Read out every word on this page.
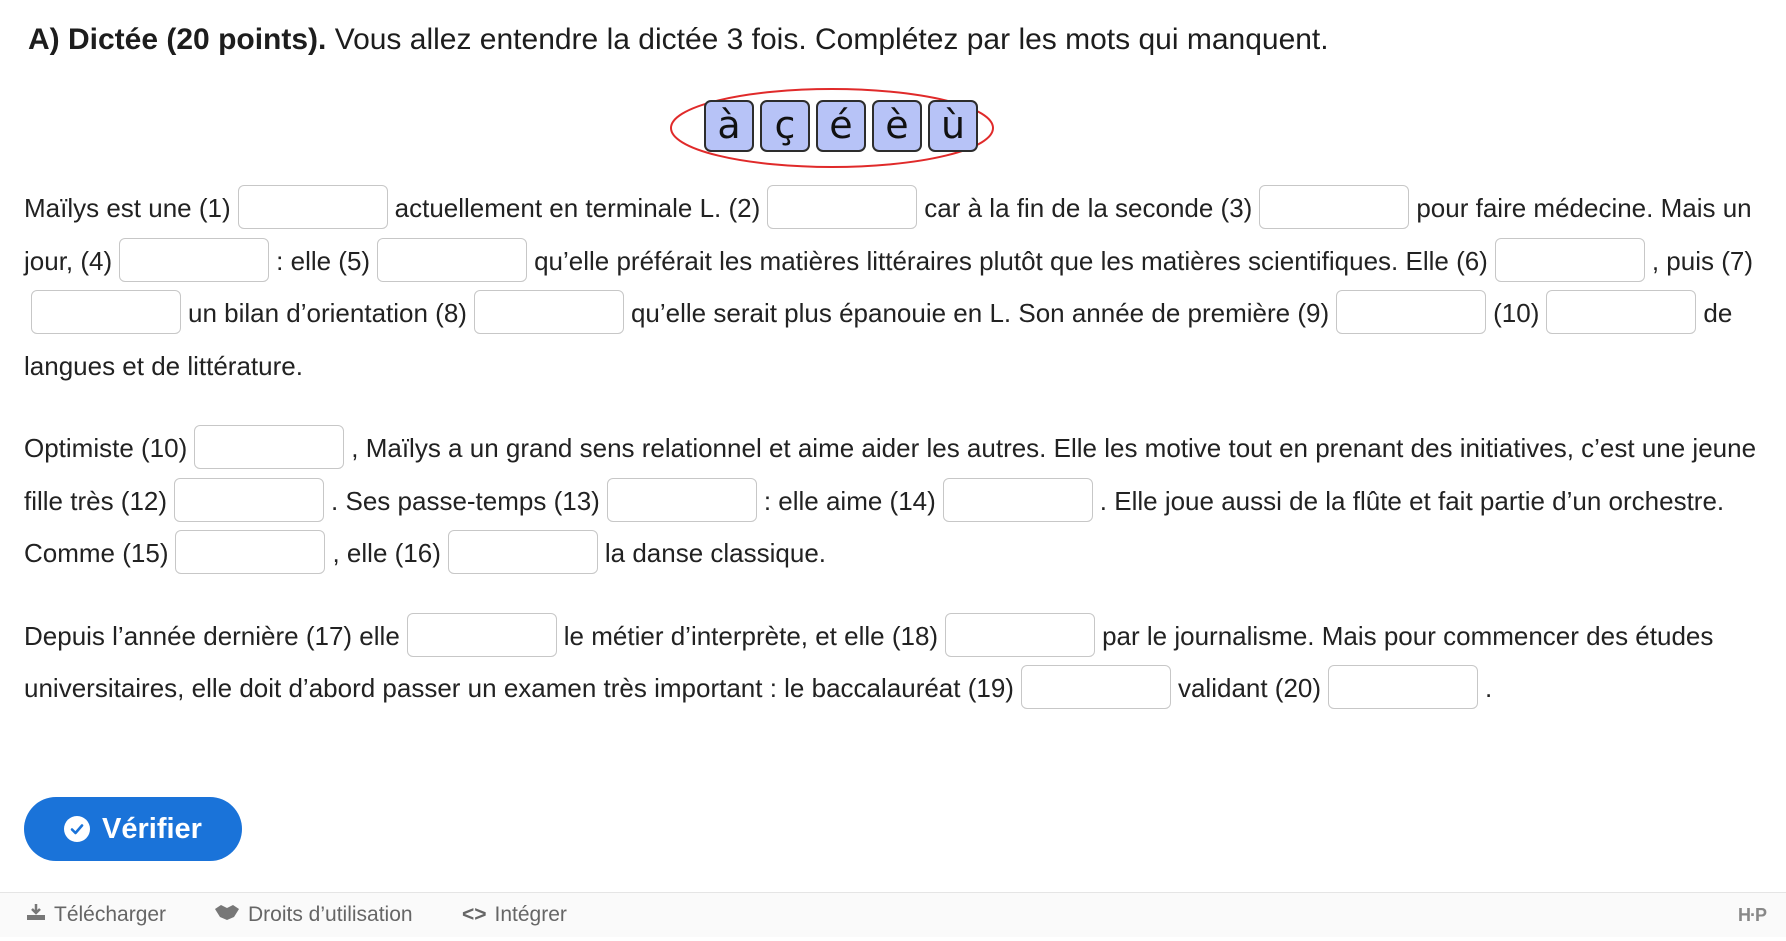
A) Dictée (20 points). Vous allez entendre la dictée 3 fois. Complétez par les mots qui manquent.
à ç é è ù
Maïlys est une (1)	actuellement en terminale L. (2)	car à la fin de la seconde (3)	pour faire médecine. Mais un jour, (4)	: elle (5)	qu’elle préférait les matières littéraires plutôt que les matières scientifiques. Elle (6)	, puis (7)un bilan d’orientation (8)	qu’elle serait plus épanouie en L. Son année de première (9)	(10)	de langues et de littérature.
Optimiste (10)	, Maïlys a un grand sens relationnel et aime aider les autres. Elle les motive tout en prenant des initiatives, c’est une jeune fille très (12)	. Ses passe-temps (13)	: elle aime (14)	. Elle joue aussi de la flûte et fait partie d’un orchestre. Comme (15)	, elle (16)	la danse classique.
Depuis l’année dernière (17) elle	le métier d’interprète, et elle (18)	par le journalisme. Mais pour commencer des études universitaires, elle doit d’abord passer un examen très important : le baccalauréat (19)	validant (20)	.
Vérifier
Télécharger	Droits d’utilisation <> Intégrer	H·P
